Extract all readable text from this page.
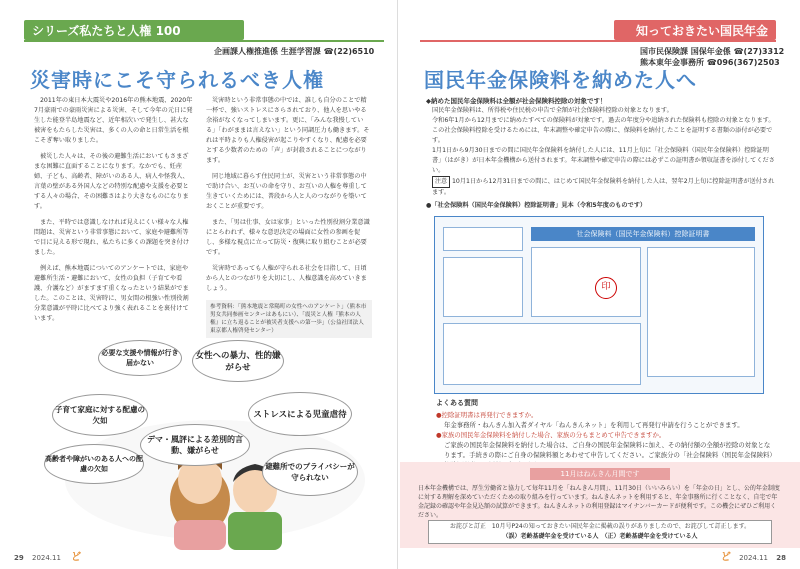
シリーズ私たちと人権 100
企画課人権推進係 生涯学習課 ☎(22)6510
災害時にこそ守られるべき人権

2011年の東日本大震災や2016年の熊本地震、2020年7月豪雨での豪雨災害による災害、そして今年の元日に発生した能登半島地震など、近年相次いで発生し、甚大な被害をもたらした災害は、多くの人の命と日常生活を根こそぎ奪い取りました。

被災した人々は、その後の避難生活においてもさまざまな困難に直面することになります。なかでも、妊産婦、子ども、高齢者、障がいのある人、病人や怪我人、言葉の壁がある外国人などの特別な配慮や支援を必要とする人々の場合、その困難さはより大きなものになります。

また、平時では意識しなければ見えにくい様々な人権問題は、災害という非常事態において、家庭や避難所等で目に見える形で現れ、私たちに多くの課題を突き付けました。

例えば、熊本地震についてのアンケートでは、家庭や避難所生活・避難において、女性の負担（子育てや看護、介護など）がますます重くなったという結果がでました。このことは、災害時に、男女間の根強い性別役割分業意識が平時に比べてより強く表れることを裏付けています。

災害時という非常事態の中では、誰しも自分のことで精一杯で、強いストレスにさらされており、他人を思いやる余裕がなくなってしまいます。更に、「みんな我慢している」「わがままは言えない」という同調圧力も働きます。それは平時よりも人権侵害が起こりやすくなり、配慮を必要とする少数者のための「声」が封殺されることにつながります。

同じ地域に暮らす住民同士が、災害という非常事態の中で助け合い、お互いの命を守り、お互いの人権を尊重して生きていくためには、普段から人と人のつながりを築いておくことが重要です。

また、「男は仕事、女は家事」といった性別役割分業意識にとらわれず、様々な意思決定の場面に女性の参画を促し、多様な視点に立って防災・復興に取り組むことが必要です。

災害時であっても人権が守られる社会を目指して、日頃から人とのつながりを大切にし、人権意識を高めていきましょう。

参考資料：「熊本地震と常陽町の女性へのアンケート」（熊本市男女共同参画センターはあもにい）、「震災と人権『熊本の人権』に立ち返ることが被災者支援への第一歩」（公益社団法人東京都人権啓発センター）
必要な支援や情報が行き届かない
女性への暴力、性的嫌がらせ
子育て家庭に対する配慮の欠如
ストレスによる児童虐待
デマ・風評による差別的言動、嫌がらせ
高齢者や障がいのある人への配慮の欠如	避難所でのプライバシーが守られない
29 2024.11 ど
知っておきたい国民年金
国市民保険課 国保年金係 ☎(27)3312
熊本東年金事務所 ☎096(367)2503
国民年金保険料を納めた人へ
◆納めた国民年金保険料は全額が社会保険料控除の対象です！
国民年金保険料は、所得税や住民税の申告で全額が社会保険料控除の対象となります。
令和6年1月から12月までに納めたすべての保険料が対象です。過去の年度分や追納された保険料も控除の対象となります。
この社会保険料控除を受けるためには、年末調整や確定申告の際に、保険料を納付したことを証明する書類の添付が必要です。
1月1日から9月30日までの間に国民年金保険料を納付した人には、11月上旬に「社会保険料（国民年金保険料）控除証明書」（はがき）が日本年金機構から送付されます。年末調整や確定申告の際には必ずこの証明書か領収証書を添付してください。
注意 10月1日から12月31日までの間に、はじめて国民年金保険料を納付した人は、翌年2月上旬に控除証明書が送付されます。
●「社会保険料（国民年金保険料）控除証明書」見本（令和5年度のものです）
社会保険料（国民年金保険料）控除証明書
印
よくある質問
●控除証明書は再発行できますか。
年金事務所・ねんきん加入者ダイヤル「ねんきんネット」を利用して再発行申請を行うことができます。
●家族の国民年金保険料を納付した場合、家族の分もまとめて申告できますか。
ご家族の国民年金保険料を納付した場合は、ご自身の国民年金保険料に加え、その納付額の全額が控除の対象となります。手続きの際にご自身の保険料額とあわせて申告してください。ご家族分の「社会保険料（国民年金保険料）
11月はねんきん月間です
日本年金機構では、厚生労働省と協力して毎年11月を「ねんきん月間」、11月30日（いいみらい）を「年金の日」とし、公的年金制度に対する理解を深めていただくための取り組みを行っています。ねんきんネットを利用すると、年金事務所に行くことなく、自宅で年金記録の確認や年金見込額の試算ができます。ねんきんネットの利用登録はマイナンバーカードが便利です。この機会にぜひご利用ください。
お詫びと訂正　10月号P24の知っておきたい国民年金に掲載の誤りがありましたので、お詫びして訂正します。
（誤）老齢基礎年金を受けている人　（正）老齢基礎年金を受けている人
ど 2024.11 28
